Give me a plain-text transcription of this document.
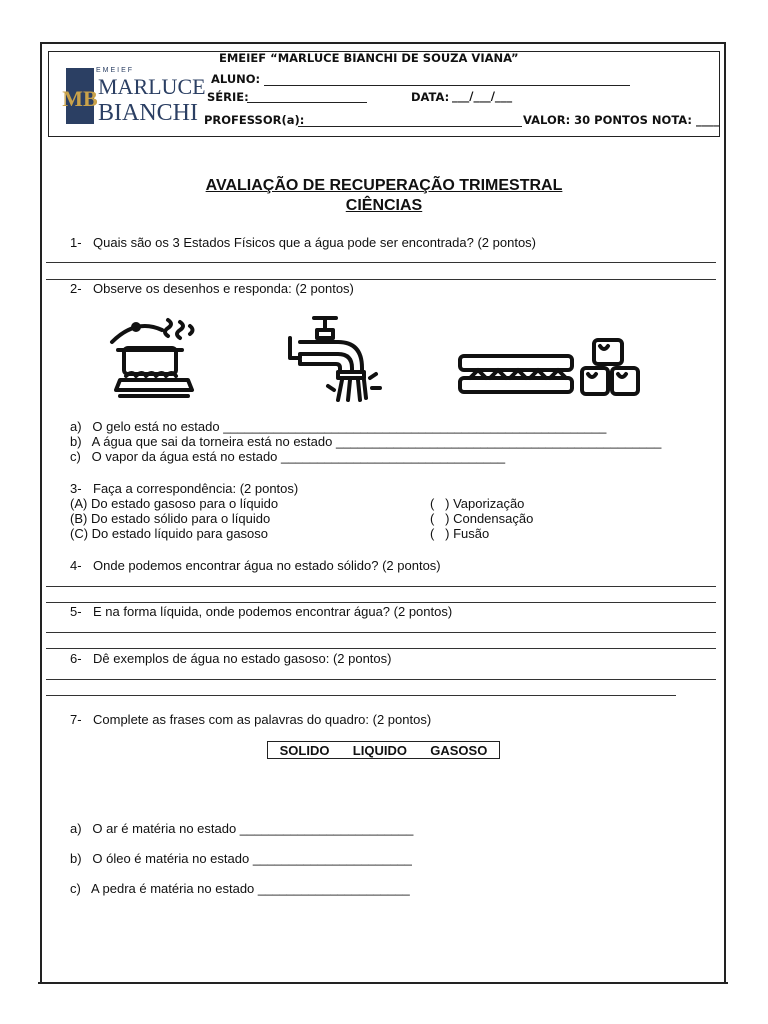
MB
EMEIEF
MARLUCE
BIANCHI
EMEIEF “MARLUCE BIANCHI DE SOUZA VIANA”
ALUNO:
SÉRIE:	DATA: ___/___/___
PROFESSOR(a):	VALOR: 30 PONTOS NOTA: ____
AVALIAÇÃO DE RECUPERAÇÃO TRIMESTRAL
CIÊNCIAS
1- Quais são os 3 Estados Físicos que a água pode ser encontrada? (2 pontos)
2- Observe os desenhos e responda: (2 pontos)
a)   O gelo está no estado _____________________________________________________
b)   A água que sai da torneira está no estado _____________________________________________
c)   O vapor da água está no estado _______________________________
3- Faça a correspondência: (2 pontos)
(A) Do estado gasoso para o líquido
(B) Do estado sólido para o líquido
(C) Do estado líquido para gasoso
(   ) Vaporização
(   ) Condensação
(   ) Fusão
4- Onde podemos encontrar água no estado sólido? (2 pontos)
5- E na forma líquida, onde podemos encontrar água? (2 pontos)
6- Dê exemplos de água no estado gasoso: (2 pontos)
7- Complete as frases com as palavras do quadro: (2 pontos)
SOLIDO LIQUIDO GASOSO
a)   O ar é matéria no estado ________________________
b)   O óleo é matéria no estado ______________________
c)   A pedra é matéria no estado _____________________
